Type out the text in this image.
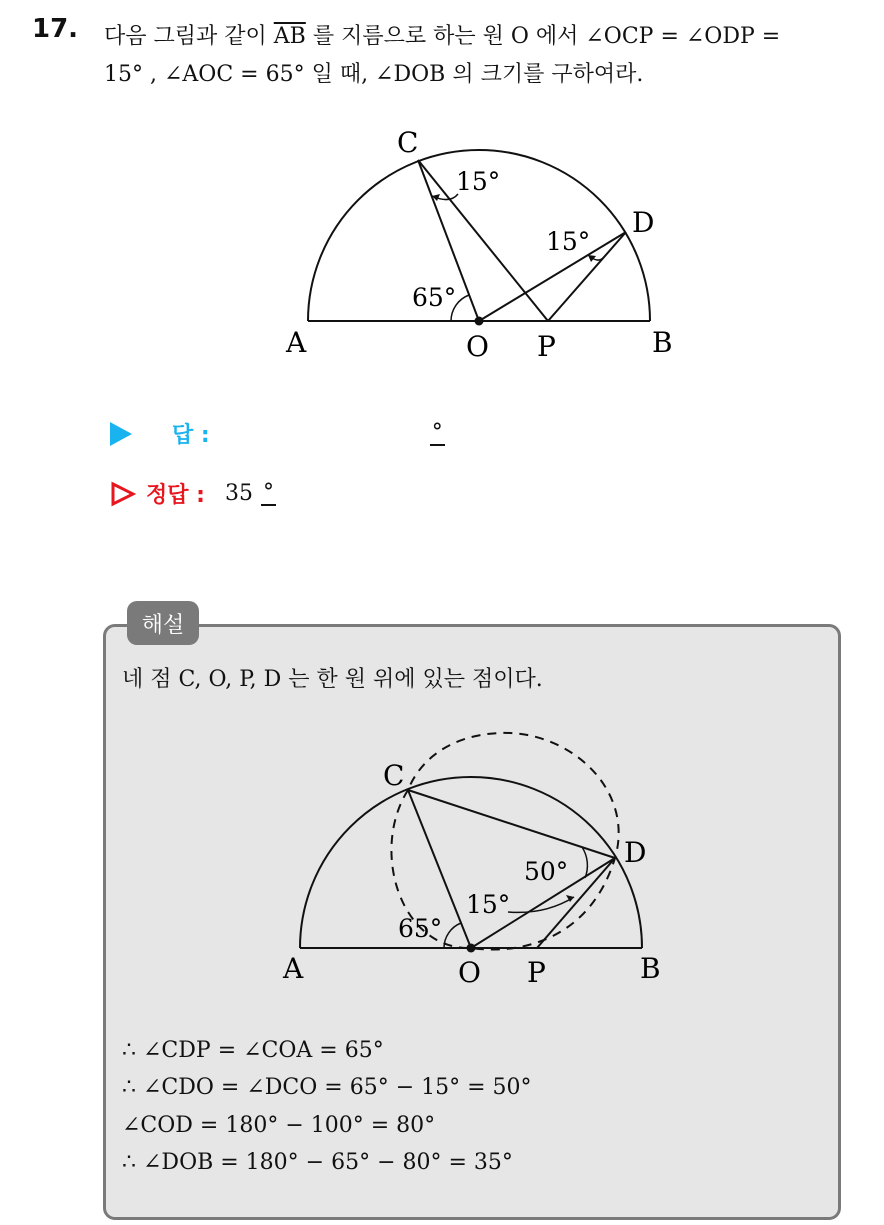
17. 다음 그림과 같이 $\overline{AB}$ 를 지름으로 하는 원 O 에서 ∠OCP = ∠ODP =
15° , ∠AOC = 65° 일 때, ∠DOB 의 크기를 구하여라.
C
D
A	O P	B
15°
15°
65°
답 :	°
정답 : 35 °
해설
네 점 C, O, P, D 는 한 원 위에 있는 점이다.
C
D
A	O P	B
65°
15°
50°
∴ ∠CDP = ∠COA = 65°
∴ ∠CDO = ∠DCO = 65° − 15° = 50°
∠COD = 180° − 100° = 80°
∴ ∠DOB = 180° − 65° − 80° = 35°
